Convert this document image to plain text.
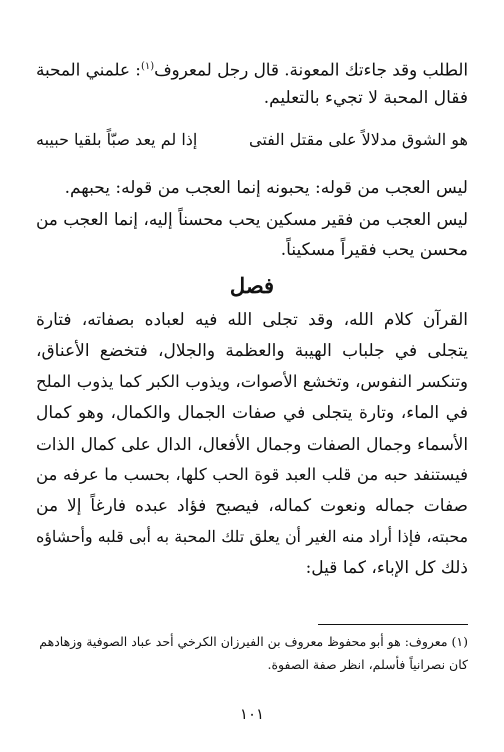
الطلب وقد جاءتك المعونة. قال رجل لمعروف$^{(١)}$: علمني المحبة
فقال المحبة لا تجيء بالتعليم.
هو الشوق مدلالاً على مقتل الفتى
إذا لم يعد صبّاً بلقيا حبيبه
ليس العجب من قوله: يحبونه إنما العجب من قوله: يحبهم.
ليس العجب من فقير مسكين يحب محسناً إليه، إنما العجب من
محسن يحب فقيراً مسكيناً.
فصل
القرآن كلام الله، وقد تجلى الله فيه لعباده بصفاته، فتارة
يتجلى في جلباب الهيبة والعظمة والجلال، فتخضع الأعناق،
وتنكسر النفوس، وتخشع الأصوات، ويذوب الكبر كما يذوب الملح
في الماء، وتارة يتجلى في صفات الجمال والكمال، وهو كمال
الأسماء وجمال الصفات وجمال الأفعال، الدال على كمال الذات
فيستنفد حبه من قلب العبد قوة الحب كلها، بحسب ما عرفه من
صفات جماله ونعوت كماله، فيصبح فؤاد عبده فارغاً إلا من
محبته، فإذا أراد منه الغير أن يعلق تلك المحبة به أبى قلبه وأحشاؤه
ذلك كل الإباء، كما قيل:
(١) معروف: هو أبو محفوظ معروف بن الفيرزان الكرخي أحد عباد الصوفية وزهادهم
كان نصرانياً فأسلم، انظر صفة الصفوة.
١٠١
